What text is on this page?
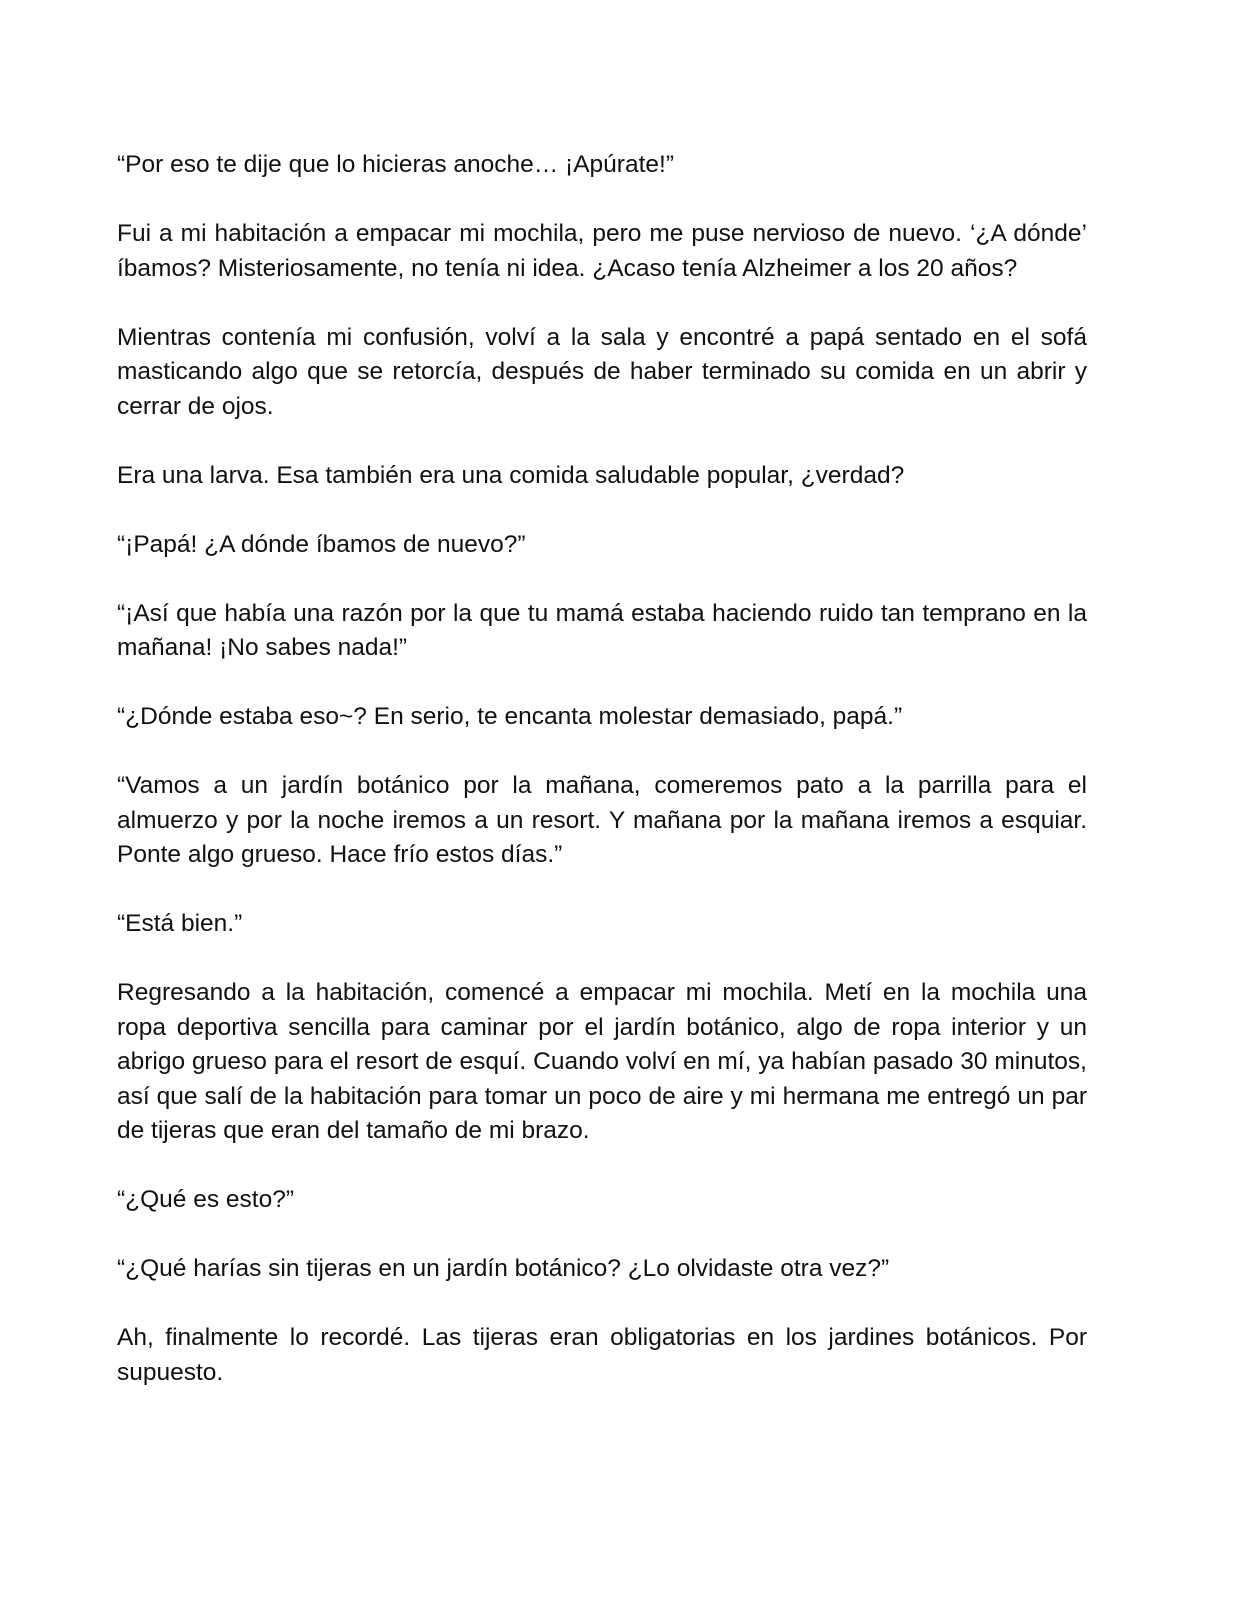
“Por eso te dije que lo hicieras anoche… ¡Apúrate!”

Fui a mi habitación a empacar mi mochila, pero me puse nervioso de nuevo. ‘¿A dónde’ íbamos? Misteriosamente, no tenía ni idea. ¿Acaso tenía Alzheimer a los 20 años?

Mientras contenía mi confusión, volví a la sala y encontré a papá sentado en el sofá masticando algo que se retorcía, después de haber terminado su comida en un abrir y cerrar de ojos.

Era una larva. Esa también era una comida saludable popular, ¿verdad?

“¡Papá! ¿A dónde íbamos de nuevo?”

“¡Así que había una razón por la que tu mamá estaba haciendo ruido tan temprano en la mañana! ¡No sabes nada!”

“¿Dónde estaba eso~? En serio, te encanta molestar demasiado, papá.”

“Vamos a un jardín botánico por la mañana, comeremos pato a la parrilla para el almuerzo y por la noche iremos a un resort. Y mañana por la mañana iremos a esquiar. Ponte algo grueso. Hace frío estos días.”

“Está bien.”

Regresando a la habitación, comencé a empacar mi mochila. Metí en la mochila una ropa deportiva sencilla para caminar por el jardín botánico, algo de ropa interior y un abrigo grueso para el resort de esquí. Cuando volví en mí, ya habían pasado 30 minutos, así que salí de la habitación para tomar un poco de aire y mi hermana me entregó un par de tijeras que eran del tamaño de mi brazo.

“¿Qué es esto?”

“¿Qué harías sin tijeras en un jardín botánico? ¿Lo olvidaste otra vez?”

Ah, finalmente lo recordé. Las tijeras eran obligatorias en los jardines botánicos. Por supuesto.
